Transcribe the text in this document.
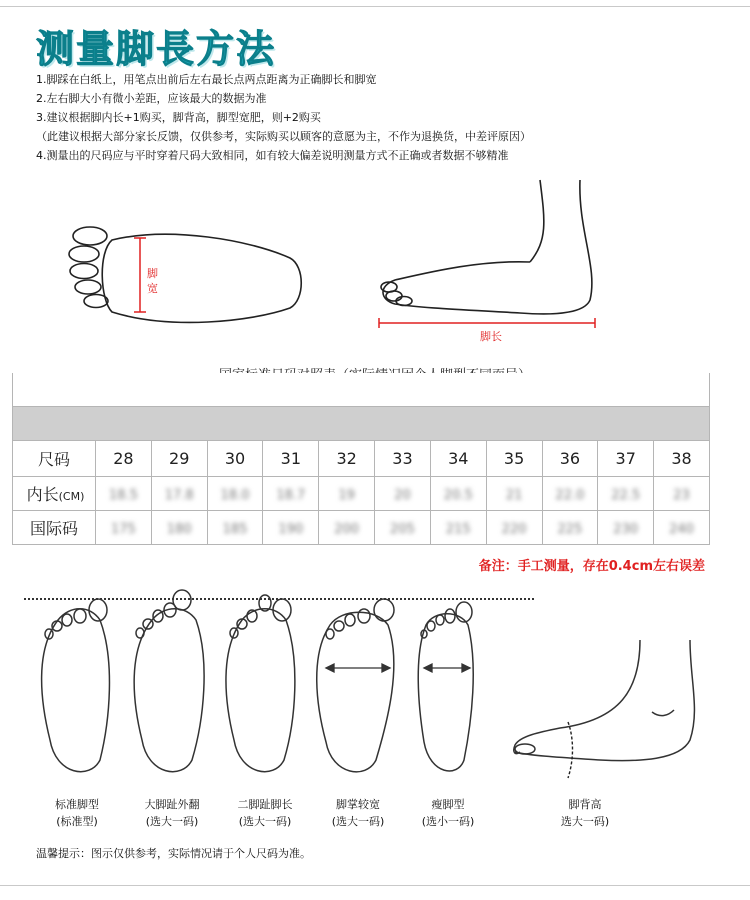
测量脚長方法
1.脚踩在白纸上，用笔点出前后左右最长点两点距离为正确脚长和脚宽
2.左右脚大小有微小差距，应该最大的数据为准
3.建议根据脚内长+1购买，脚背高，脚型宽肥，则+2购买
（此建议根据大部分家长反馈，仅供参考，实际购买以顾客的意愿为主，不作为退换货，中差评原因）
4.测量出的尺码应与平时穿着尺码大致相同，如有较大偏差说明测量方式不正确或者数据不够精准
脚 宽
脚长

尺码	28	29	30	31	32	33	34	35	36	37	38
内长(CM)	18.5	17.8	18.0	18.7	19	20	20.5	21	22.0	22.5	23
国际码	175	180	185	190	200	205	215	220	225	230	240
备注：手工测量，存在0.4cm左右误差
标准脚型
(标准型)
大脚趾外翻
(选大一码)
二脚趾脚长
(选大一码)
脚掌较宽
(选大一码)
瘦脚型
(选小一码)
脚背高
选大一码)
温馨提示：图示仅供参考，实际情况请于个人尺码为准。
